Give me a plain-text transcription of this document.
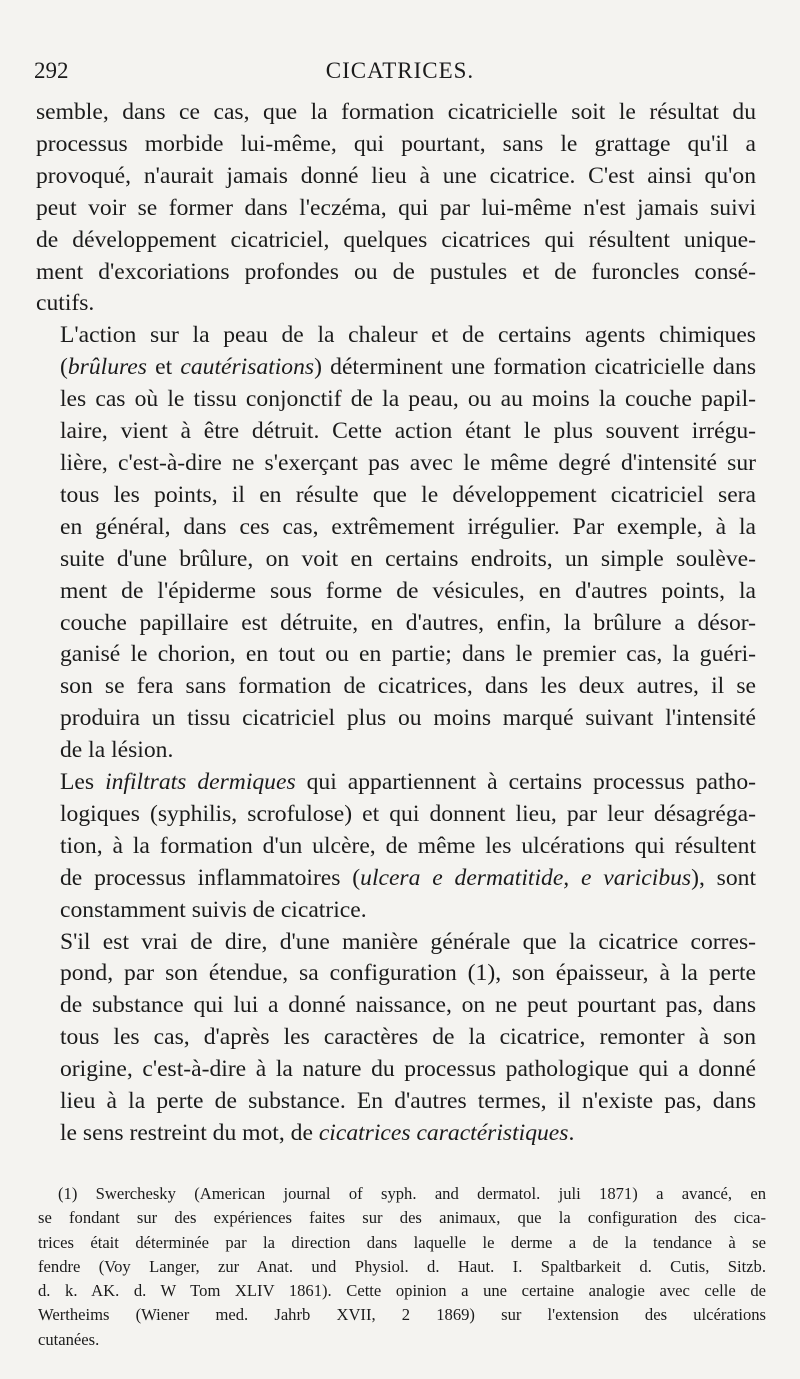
292	CICATRICES.
semble, dans ce cas, que la formation cicatricielle soit le résultat du
processus morbide lui-même, qui pourtant, sans le grattage qu'il a
provoqué, n'aurait jamais donné lieu à une cicatrice. C'est ainsi qu'on
peut voir se former dans l'eczéma, qui par lui-même n'est jamais suivi
de développement cicatriciel, quelques cicatrices qui résultent unique-
ment d'excoriations profondes ou de pustules et de furoncles consé-
cutifs.
L'action sur la peau de la chaleur et de certains agents chimiques
(brûlures et cautérisations) déterminent une formation cicatricielle dans
les cas où le tissu conjonctif de la peau, ou au moins la couche papil-
laire, vient à être détruit. Cette action étant le plus souvent irrégu-
lière, c'est-à-dire ne s'exerçant pas avec le même degré d'intensité sur
tous les points, il en résulte que le développement cicatriciel sera
en général, dans ces cas, extrêmement irrégulier. Par exemple, à la
suite d'une brûlure, on voit en certains endroits, un simple soulève-
ment de l'épiderme sous forme de vésicules, en d'autres points, la
couche papillaire est détruite, en d'autres, enfin, la brûlure a désor-
ganisé le chorion, en tout ou en partie; dans le premier cas, la guéri-
son se fera sans formation de cicatrices, dans les deux autres, il se
produira un tissu cicatriciel plus ou moins marqué suivant l'intensité
de la lésion.
Les infiltrats dermiques qui appartiennent à certains processus patho-
logiques (syphilis, scrofulose) et qui donnent lieu, par leur désagréga-
tion, à la formation d'un ulcère, de même les ulcérations qui résultent
de processus inflammatoires (ulcera e dermatitide, e varicibus), sont
constamment suivis de cicatrice.
S'il est vrai de dire, d'une manière générale que la cicatrice corres-
pond, par son étendue, sa configuration (1), son épaisseur, à la perte
de substance qui lui a donné naissance, on ne peut pourtant pas, dans
tous les cas, d'après les caractères de la cicatrice, remonter à son
origine, c'est-à-dire à la nature du processus pathologique qui a donné
lieu à la perte de substance. En d'autres termes, il n'existe pas, dans
le sens restreint du mot, de cicatrices caractéristiques.
(1) Swerchesky (American journal of syph. and dermatol. juli 1871) a avancé, en
se fondant sur des expériences faites sur des animaux, que la configuration des cica-
trices était déterminée par la direction dans laquelle le derme a de la tendance à se
fendre (Voy Langer, zur Anat. und Physiol. d. Haut. I. Spaltbarkeit d. Cutis, Sitzb.
d. k. AK. d. W Tom XLIV 1861). Cette opinion a une certaine analogie avec celle de
Wertheims (Wiener med. Jahrb XVII, 2 1869) sur l'extension des ulcérations
cutanées.
